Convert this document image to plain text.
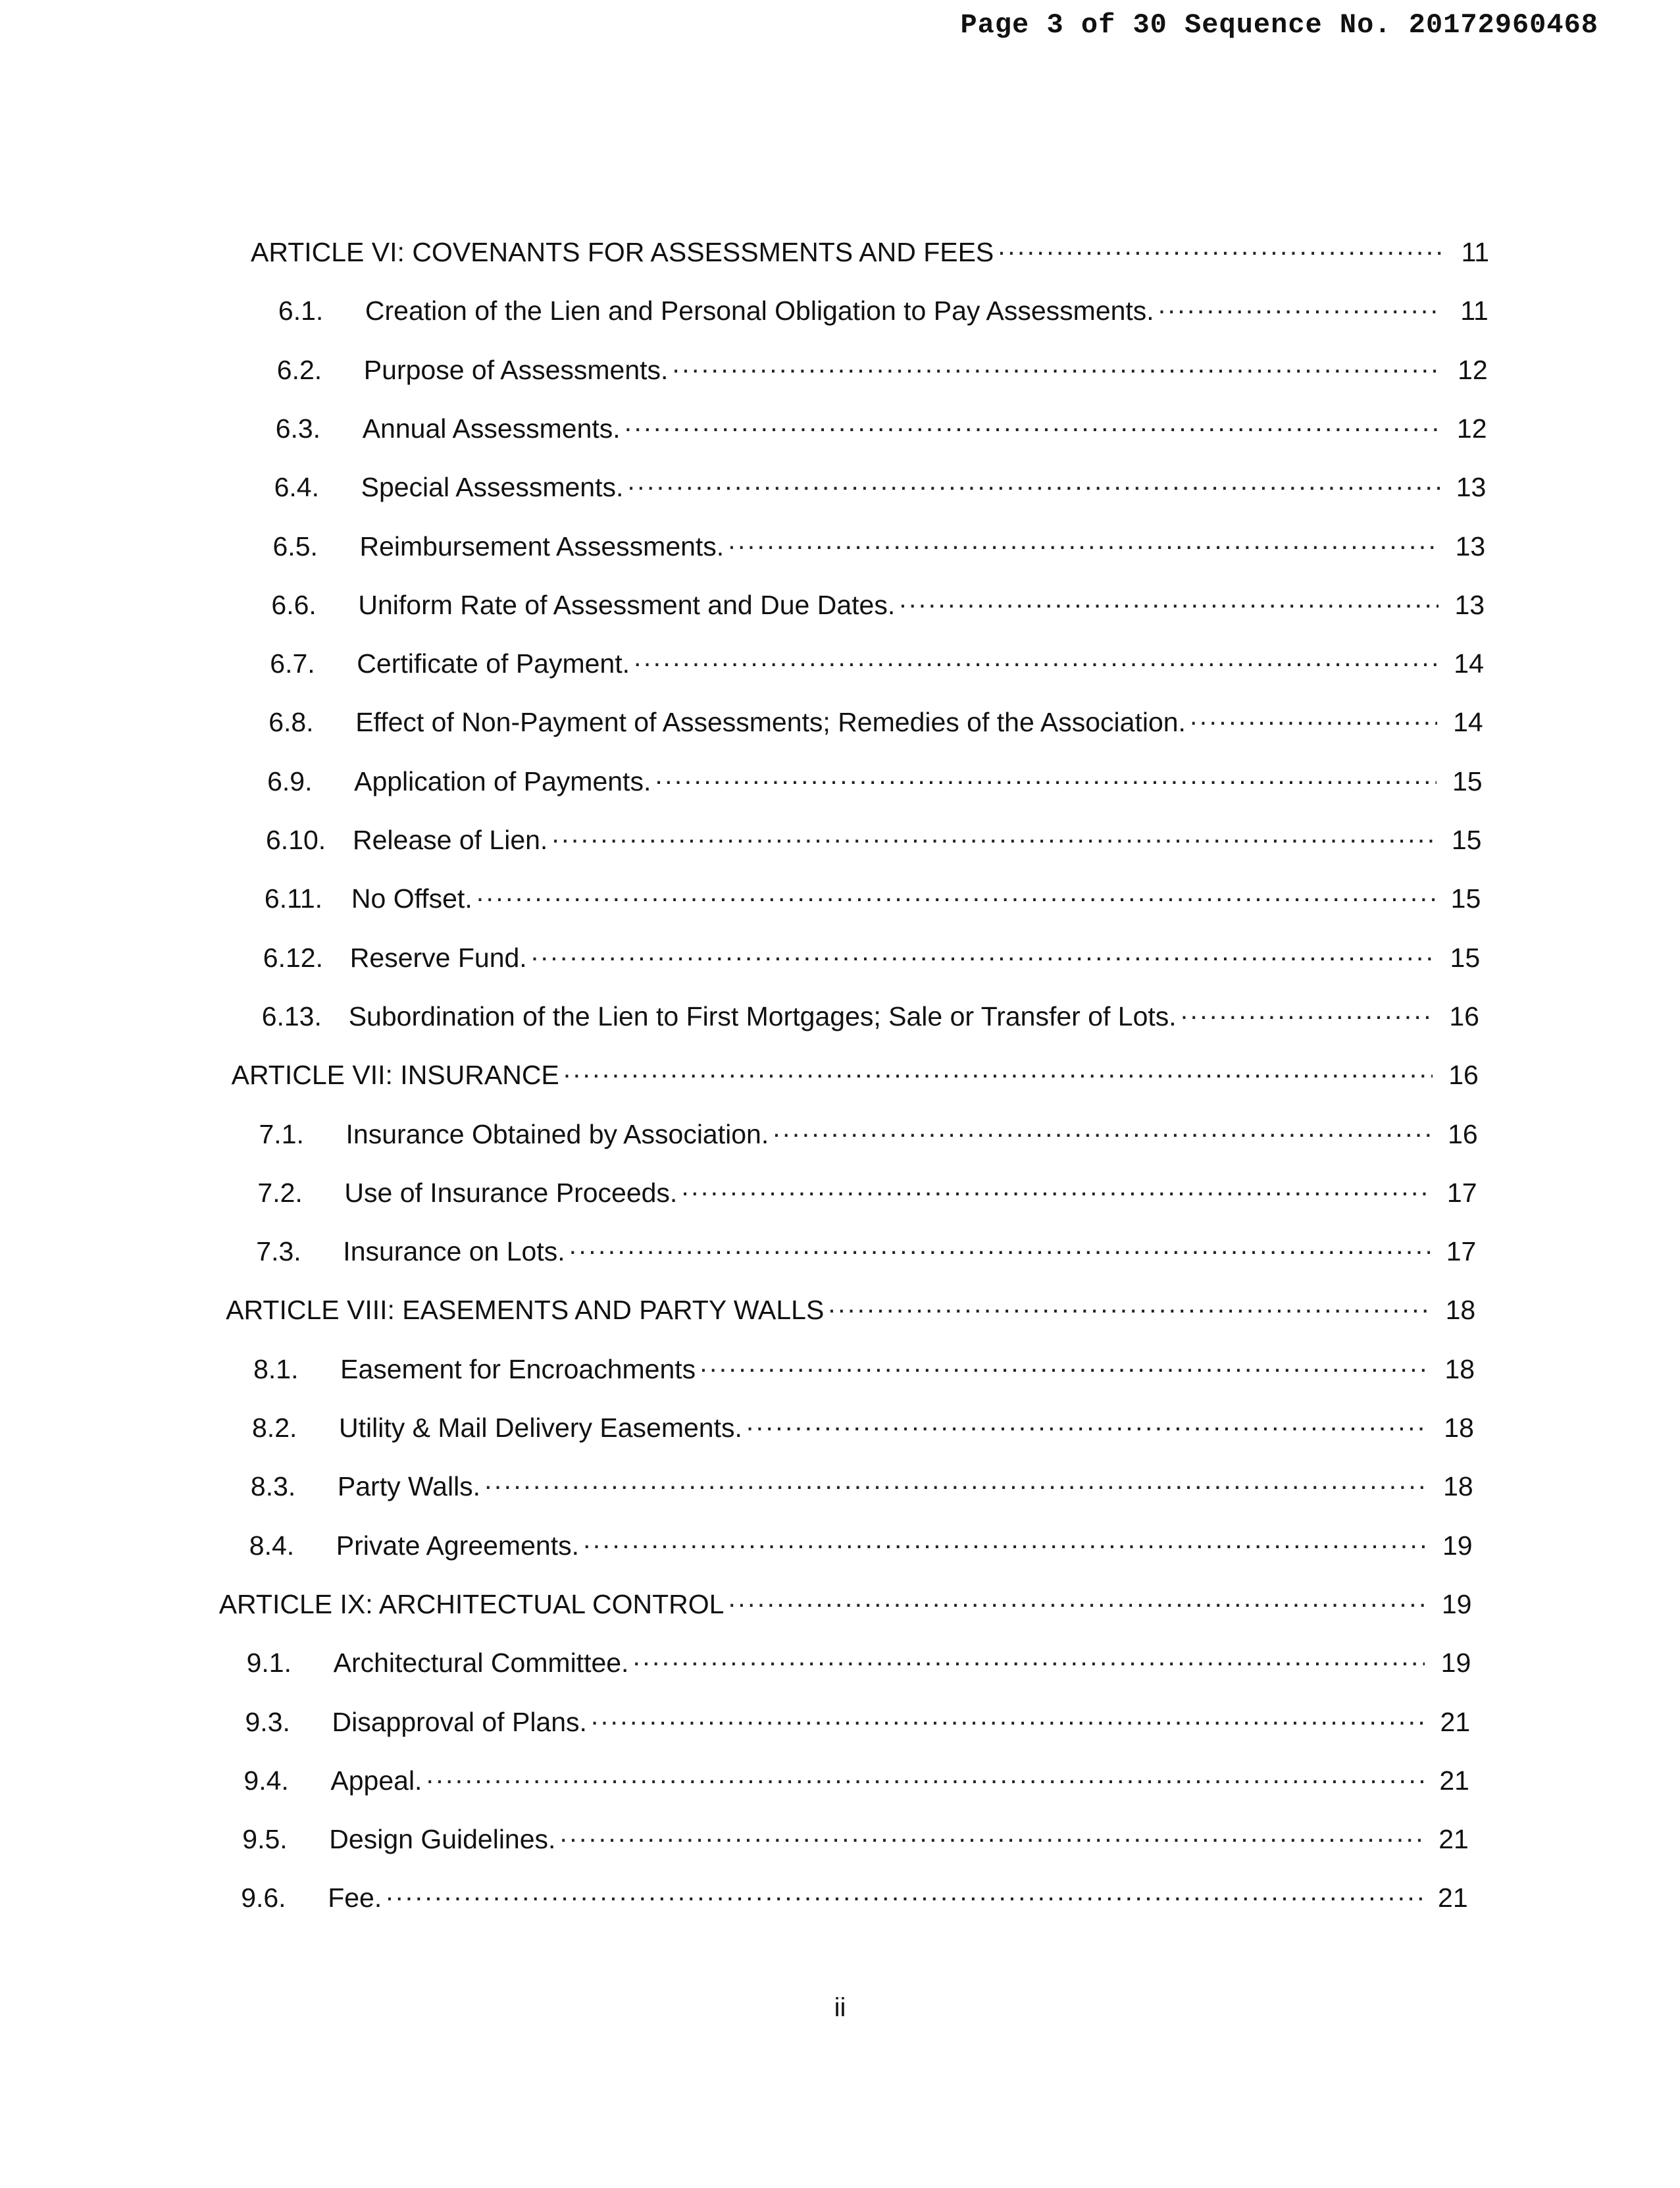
Page 3 of 30 Sequence No. 20172960468
ARTICLE VI: COVENANTS FOR ASSESSMENTS AND FEES . . .	11
6.1.	Creation of the Lien and Personal Obligation to Pay Assessments. . . .	11
6.2.	Purpose of Assessments. . . .	12
6.3.	Annual Assessments. . . .	12
6.4.	Special Assessments. . . .	13
6.5.	Reimbursement Assessments. . . .	13
6.6.	Uniform Rate of Assessment and Due Dates. . . .	13
6.7.	Certificate of Payment. . . .	14
6.8.	Effect of Non-Payment of Assessments; Remedies of the Association. . . .	14
6.9.	Application of Payments. . . .	15
6.10. Release of Lien. . . .	15
6.11.	No Offset. . . .	15
6.12. Reserve Fund. . . .	15
6.13. Subordination of the Lien to First Mortgages; Sale or Transfer of Lots. . . .	16
ARTICLE VII: INSURANCE . . .	16
7.1.	Insurance Obtained by Association. . . .	16
7.2.	Use of Insurance Proceeds. . . .	17
7.3.	Insurance on Lots. . . .	17
ARTICLE VIII: EASEMENTS AND PARTY WALLS . . .	18
8.1.	Easement for Encroachments . . .	18
8.2.	Utility & Mail Delivery Easements. . . .	18
8.3.	Party Walls. . . .	18
8.4.	Private Agreements. . . .	19
ARTICLE IX: ARCHITECTUAL CONTROL . . .	19
9.1.	Architectural Committee. . . .	19
9.3.	Disapproval of Plans. . . .	21
9.4.	Appeal. . . .	21
9.5.	Design Guidelines. . . .	21
9.6.	Fee. . . .	21
ii
